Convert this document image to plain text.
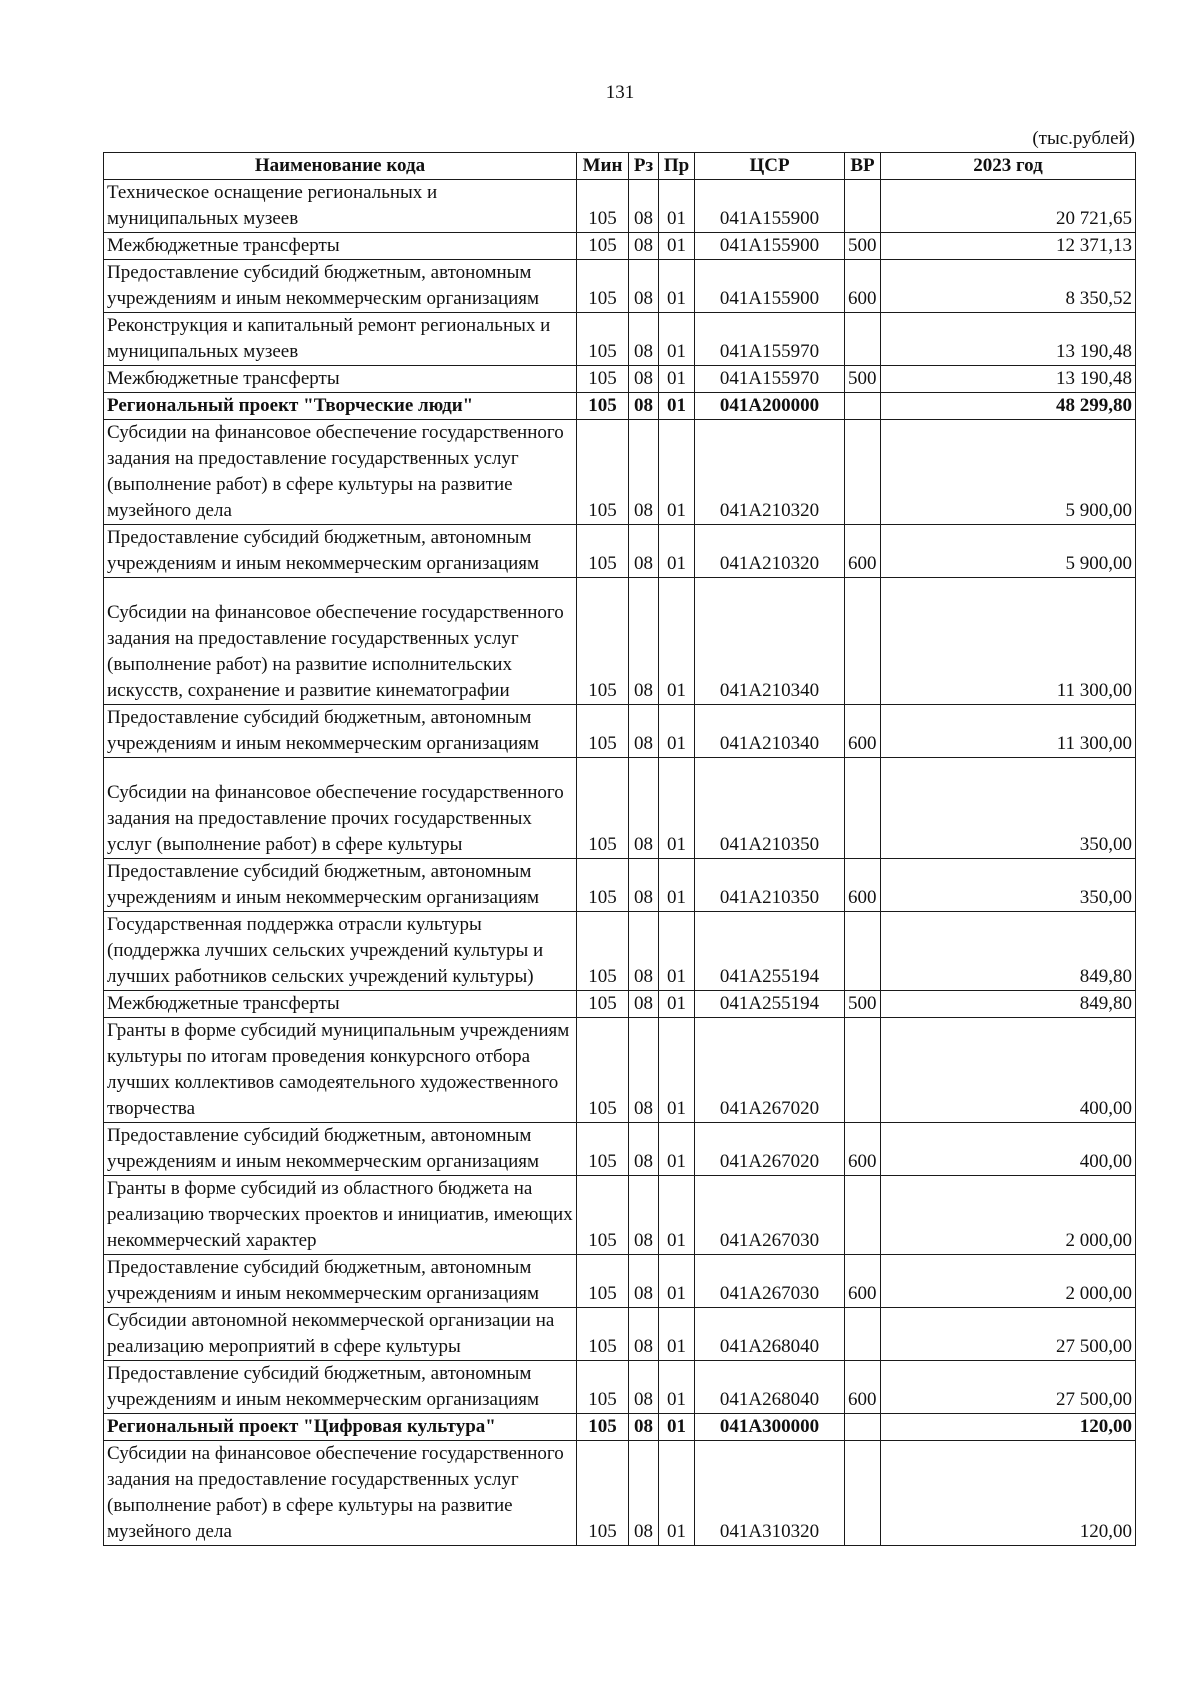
131
(тыс.рублей)
Наименование кода	Мин	Рз	Пр	ЦСР	ВР	2023 год
Техническое оснащение региональных и муниципальных музеев	105	08	01	041A155900		20 721,65
Межбюджетные трансферты	105	08	01	041A155900	500	12 371,13
Предоставление субсидий бюджетным, автономным учреждениям и иным некоммерческим организациям	105	08	01	041A155900	600	8 350,52
Реконструкция и капитальный ремонт региональных и муниципальных музеев	105	08	01	041A155970		13 190,48
Межбюджетные трансферты	105	08	01	041A155970	500	13 190,48
Региональный проект "Творческие люди"	105	08	01	041A200000		48 299,80
Субсидии на финансовое обеспечение государственного задания на предоставление государственных услуг (выполнение работ) в сфере культуры на развитие музейного дела	105	08	01	041A210320		5 900,00
Предоставление субсидий бюджетным, автономным учреждениям и иным некоммерческим организациям	105	08	01	041A210320	600	5 900,00
Субсидии на финансовое обеспечение государственного задания на предоставление государственных услуг (выполнение работ) на развитие исполнительских искусств, сохранение и развитие кинематографии	105	08	01	041A210340		11 300,00
Предоставление субсидий бюджетным, автономным учреждениям и иным некоммерческим организациям	105	08	01	041A210340	600	11 300,00
Субсидии на финансовое обеспечение государственного задания на предоставление прочих государственных услуг (выполнение работ) в сфере культуры	105	08	01	041A210350		350,00
Предоставление субсидий бюджетным, автономным учреждениям и иным некоммерческим организациям	105	08	01	041A210350	600	350,00
Государственная поддержка отрасли культуры (поддержка лучших сельских учреждений культуры и лучших работников сельских учреждений культуры)	105	08	01	041A255194		849,80
Межбюджетные трансферты	105	08	01	041A255194	500	849,80
Гранты в форме субсидий муниципальным учреждениям культуры по итогам проведения конкурсного отбора лучших коллективов самодеятельного художественного творчества	105	08	01	041A267020		400,00
Предоставление субсидий бюджетным, автономным учреждениям и иным некоммерческим организациям	105	08	01	041A267020	600	400,00
Гранты в форме субсидий из областного бюджета на реализацию творческих проектов и инициатив, имеющих некоммерческий характер	105	08	01	041A267030		2 000,00
Предоставление субсидий бюджетным, автономным учреждениям и иным некоммерческим организациям	105	08	01	041A267030	600	2 000,00
Субсидии автономной некоммерческой организации на реализацию мероприятий в сфере культуры	105	08	01	041A268040		27 500,00
Предоставление субсидий бюджетным, автономным учреждениям и иным некоммерческим организациям	105	08	01	041A268040	600	27 500,00
Региональный проект "Цифровая культура"	105	08	01	041A300000		120,00
Субсидии на финансовое обеспечение государственного задания на предоставление государственных услуг (выполнение работ) в сфере культуры на развитие музейного дела	105	08	01	041A310320		120,00
